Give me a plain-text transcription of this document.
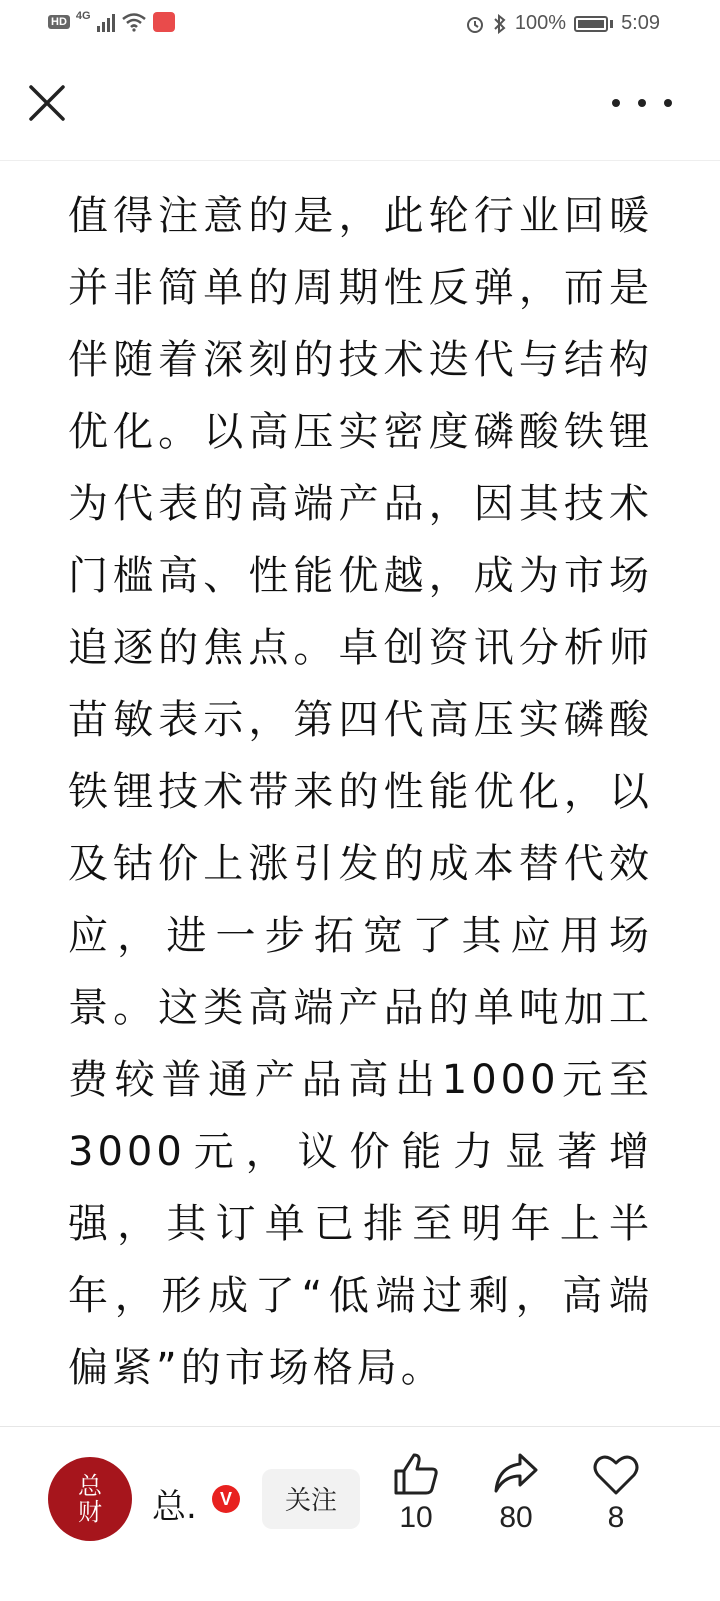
HD 4G	100%	5:09

值得注意的是，此轮行业回暖并非简单的周期性反弹，而是伴随着深刻的技术迭代与结构优化。以高压实密度磷酸铁锂为代表的高端产品，因其技术门槛高、性能优越，成为市场追逐的焦点。卓创资讯分析师苗敏表示，第四代高压实磷酸铁锂技术带来的性能优化，以及钴价上涨引发的成本替代效应，进一步拓宽了其应用场景。这类高端产品的单吨加工费较普通产品高出1000元至3000元，议价能力显著增强，其订单已排至明年上半年，形成了“低端过剩，高端偏紧”的市场格局。

总
财 总.	V	关注
10	80	8
